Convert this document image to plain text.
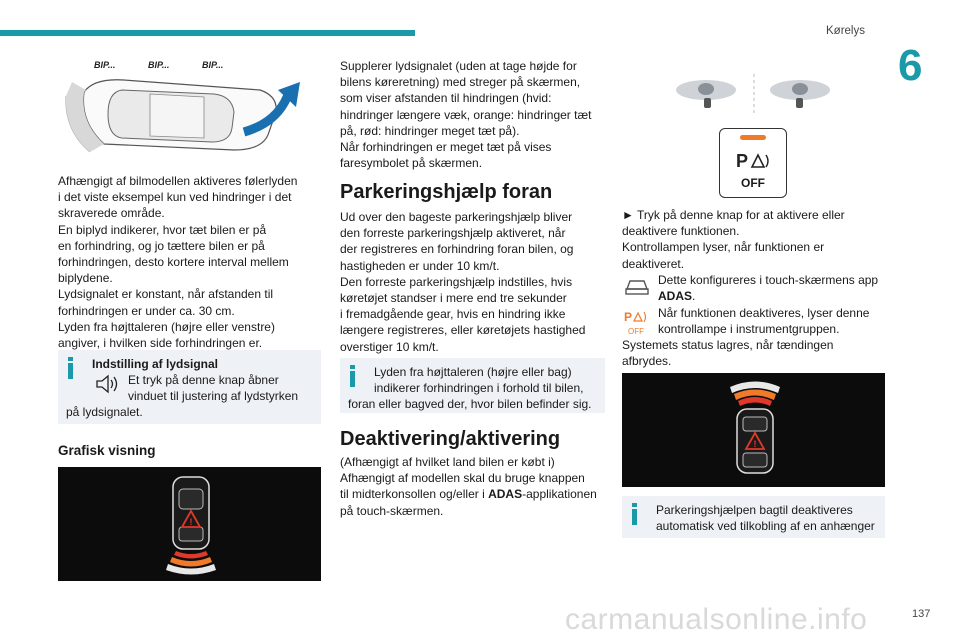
Kørelys
6
BIP...	BIP...	BIP...

Afhængigt af bilmodellen aktiveres følerlyden

i det viste eksempel kun ved hindringer i det

skraverede område.

En biplyd indikerer, hvor tæt bilen er på

en forhindring, og jo tættere bilen er på

forhindringen, desto kortere interval mellem

biplydene.

Lydsignalet er konstant, når afstanden til

forhindringen er under ca. 30 cm.

Lyden fra højttaleren (højre eller venstre)

angiver, i hvilken side forhindringen er.

Indstilling af lydsignal

Et tryk på denne knap åbner

vinduet til justering af lydstyrken

på lydsignalet.

Grafisk visning
!

Supplerer lydsignalet (uden at tage højde for

bilens køreretning) med streger på skærmen,

som viser afstanden til hindringen (hvid:

hindringer længere væk, orange: hindringer tæt

på, rød: hindringer meget tæt på).

Når forhindringen er meget tæt på vises

faresymbolet på skærmen.

Parkeringshjælp foran

Ud over den bageste parkeringshjælp bliver

den forreste parkeringshjælp aktiveret, når

der registreres en forhindring foran bilen, og

hastigheden er under 10 km/t.

Den forreste parkeringshjælp indstilles, hvis

køretøjet standser i mere end tre sekunder

i fremadgående gear, hvis en hindring ikke

længere registreres, eller køretøjets hastighed

overstiger 10 km/t.

Lyden fra højttaleren (højre eller bag)

indikerer forhindringen i forhold til bilen,

foran eller bagved der, hvor bilen befinder sig.

Deaktivering/aktivering

(Afhængigt af hvilket land bilen er købt i)

Afhængigt af modellen skal du bruge knappen

til midterkonsollen og/eller i ADAS-applikationen

på touch-skærmen.

P
OFF

► Tryk på denne knap for at aktivere eller

deaktivere funktionen.

Kontrollampen lyser, når funktionen er

deaktiveret.

Dette konfigureres i touch-skærmens app

ADAS.

P
OFF

Når funktionen deaktiveres, lyser denne

kontrollampe i instrumentgruppen.

Systemets status lagres, når tændingen

afbrydes.

!

Parkeringshjælpen bagtil deaktiveres

automatisk ved tilkobling af en anhænger

carmanualsonline.info	137
